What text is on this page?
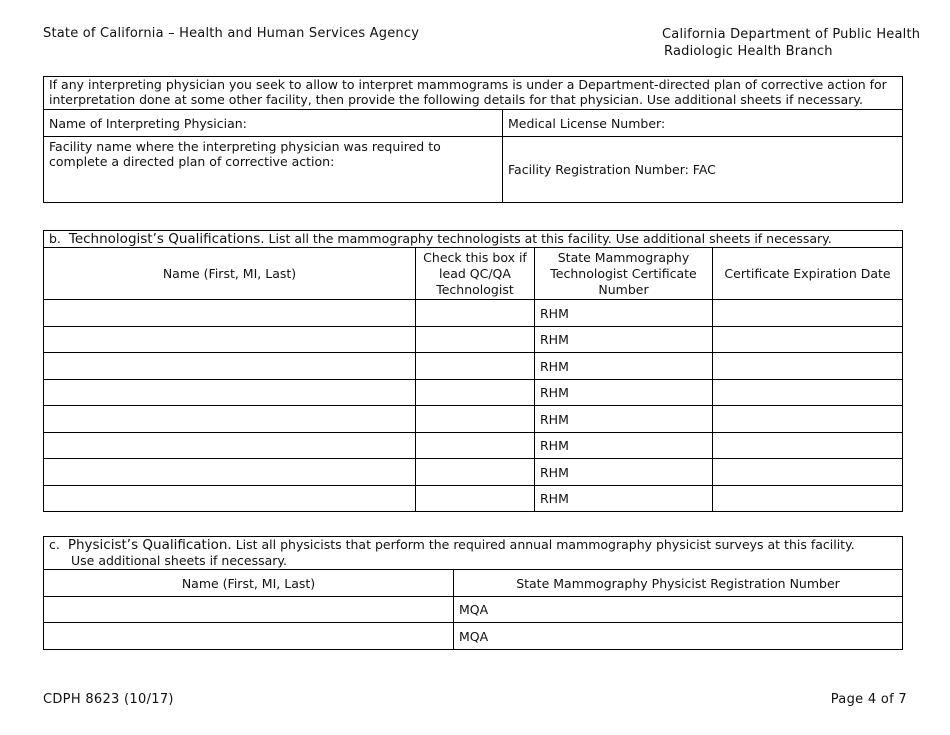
State of California – Health and Human Services Agency	California Department of Public Health
Radiologic Health Branch
If any interpreting physician you seek to allow to interpret mammograms is under a Department-directed plan of corrective action for interpretation done at some other facility, then provide the following details for that physician. Use additional sheets if necessary.	
Name of Interpreting Physician:	Medical License Number:
Facility name where the interpreting physician was required to complete a directed plan of corrective action:	Facility Registration Number: FAC
b. Technologist’s Qualifications. List all the mammography technologists at this facility. Use additional sheets if necessary.			
Name (First, MI, Last)	Check this box if lead QC/QA Technologist	State Mammography Technologist Certificate Number	Certificate Expiration Date
		RHM	
		RHM	
		RHM	
		RHM	
		RHM	
		RHM	
		RHM	
		RHM	
c. Physicist’s Qualification. List all physicists that perform the required annual mammography physicist surveys at this facility.
Use additional sheets if necessary.	
Name (First, MI, Last)	State Mammography Physicist Registration Number
	MQA
	MQA
CDPH 8623 (10/17)	Page 4 of 7
